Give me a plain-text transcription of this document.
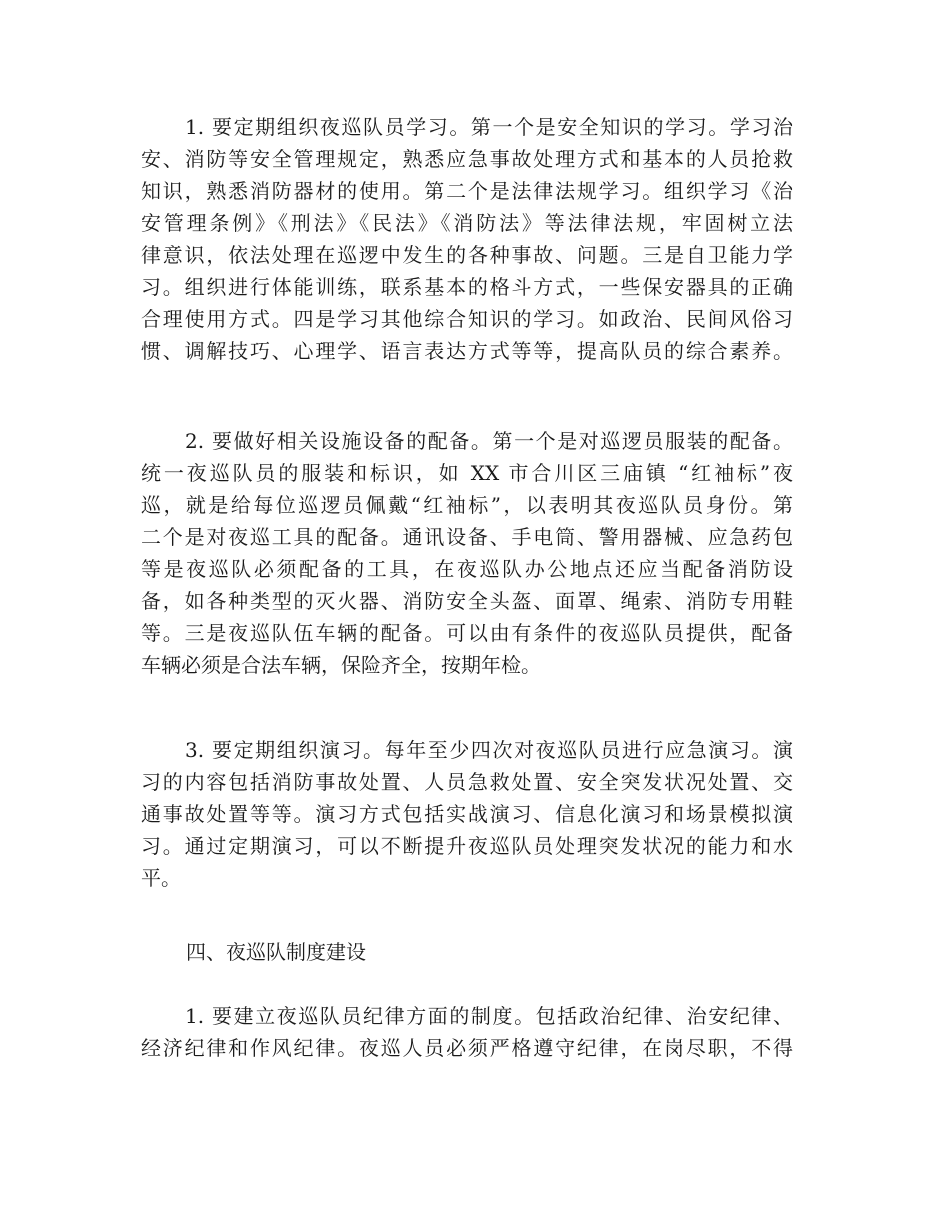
1. 要定期组织夜巡队员学习。第一个是安全知识的学习。学习治
安、消防等安全管理规定，熟悉应急事故处理方式和基本的人员抢救
知识，熟悉消防器材的使用。第二个是法律法规学习。组织学习《治
安管理条例》《刑法》《民法》《消防法》等法律法规，牢固树立法
律意识，依法处理在巡逻中发生的各种事故、问题。三是自卫能力学
习。组织进行体能训练，联系基本的格斗方式，一些保安器具的正确
合理使用方式。四是学习其他综合知识的学习。如政治、民间风俗习
惯、调解技巧、心理学、语言表达方式等等，提高队员的综合素养。
2. 要做好相关设施设备的配备。第一个是对巡逻员服装的配备。
统一夜巡队员的服装和标识，如 XX 市合川区三庙镇 “红袖标”夜
巡，就是给每位巡逻员佩戴“红袖标”，以表明其夜巡队员身份。第
二个是对夜巡工具的配备。通讯设备、手电筒、警用器械、应急药包
等是夜巡队必须配备的工具，在夜巡队办公地点还应当配备消防设
备，如各种类型的灭火器、消防安全头盔、面罩、绳索、消防专用鞋
等。三是夜巡队伍车辆的配备。可以由有条件的夜巡队员提供，配备
车辆必须是合法车辆，保险齐全，按期年检。
3. 要定期组织演习。每年至少四次对夜巡队员进行应急演习。演
习的内容包括消防事故处置、人员急救处置、安全突发状况处置、交
通事故处置等等。演习方式包括实战演习、信息化演习和场景模拟演
习。通过定期演习，可以不断提升夜巡队员处理突发状况的能力和水
平。
四、夜巡队制度建设
1. 要建立夜巡队员纪律方面的制度。包括政治纪律、治安纪律、
经济纪律和作风纪律。夜巡人员必须严格遵守纪律，在岗尽职，不得
